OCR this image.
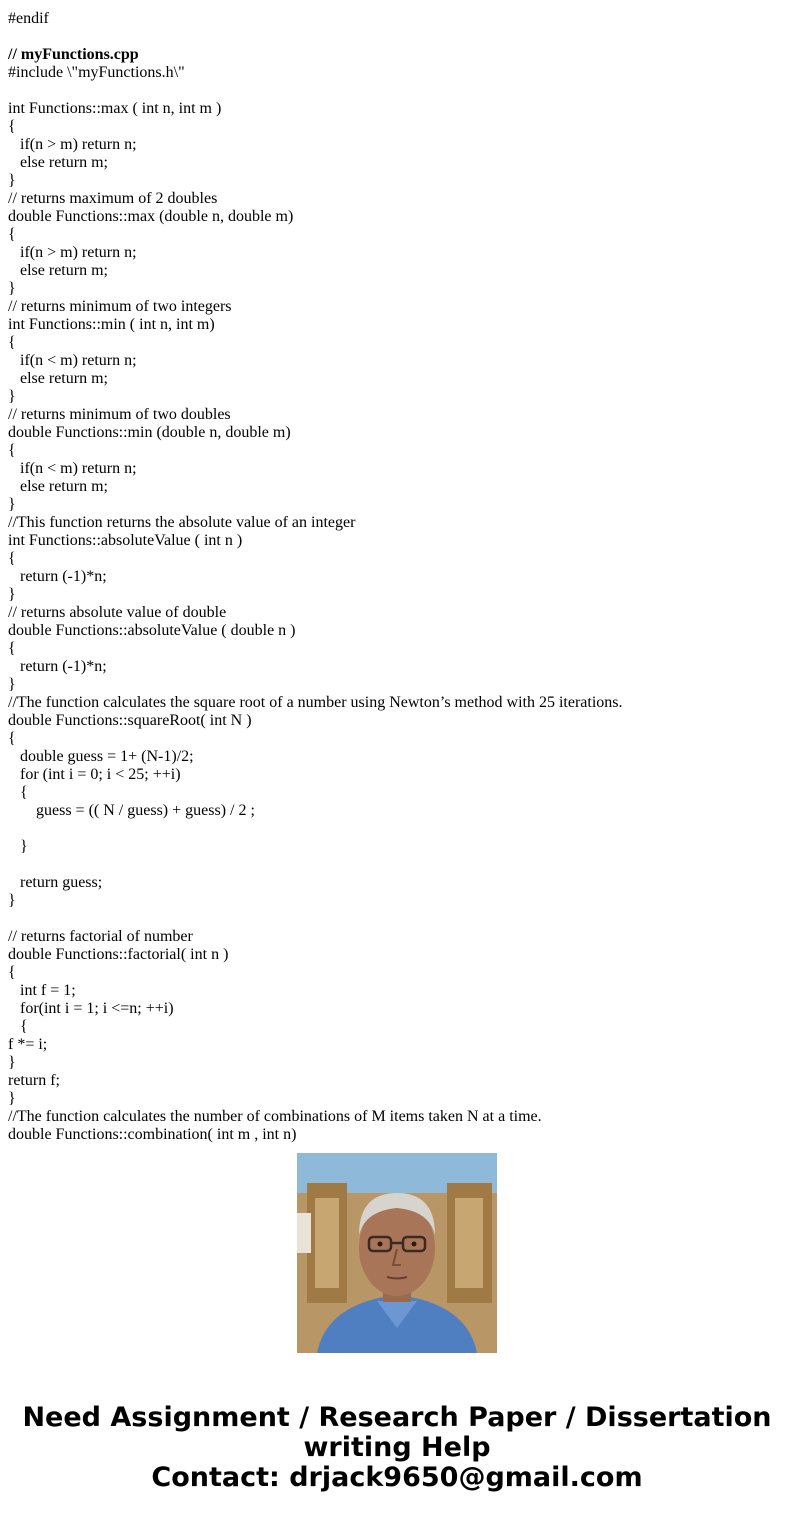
#endif
// myFunctions.cpp
#include \"myFunctions.h\"
int Functions::max ( int n, int m )
{
if(n > m) return n;
else return m;
}
// returns maximum of 2 doubles
double Functions::max (double n, double m)
{
if(n > m) return n;
else return m;
}
// returns minimum of two integers
int Functions::min ( int n, int m)
{
if(n < m) return n;
else return m;
}
// returns minimum of two doubles
double Functions::min (double n, double m)
{
if(n < m) return n;
else return m;
}
//This function returns the absolute value of an integer
int Functions::absoluteValue ( int n )
{
return (-1)*n;
}
// returns absolute value of double
double Functions::absoluteValue ( double n )
{
return (-1)*n;
}
//The function calculates the square root of a number using Newton’s method with 25 iterations.
double Functions::squareRoot( int N )
{
double guess = 1+ (N-1)/2;
for (int i = 0; i < 25; ++i)
{
guess = (( N / guess) + guess) / 2 ;
}
return guess;
}
// returns factorial of number
double Functions::factorial( int n )
{
int f = 1;
for(int i = 1; i <=n; ++i)
{
f *= i;
}
return f;
}
//The function calculates the number of combinations of M items taken N at a time.
double Functions::combination( int m , int n)
Need Assignment / Research Paper / Dissertation
writing Help
Contact: drjack9650@gmail.com
